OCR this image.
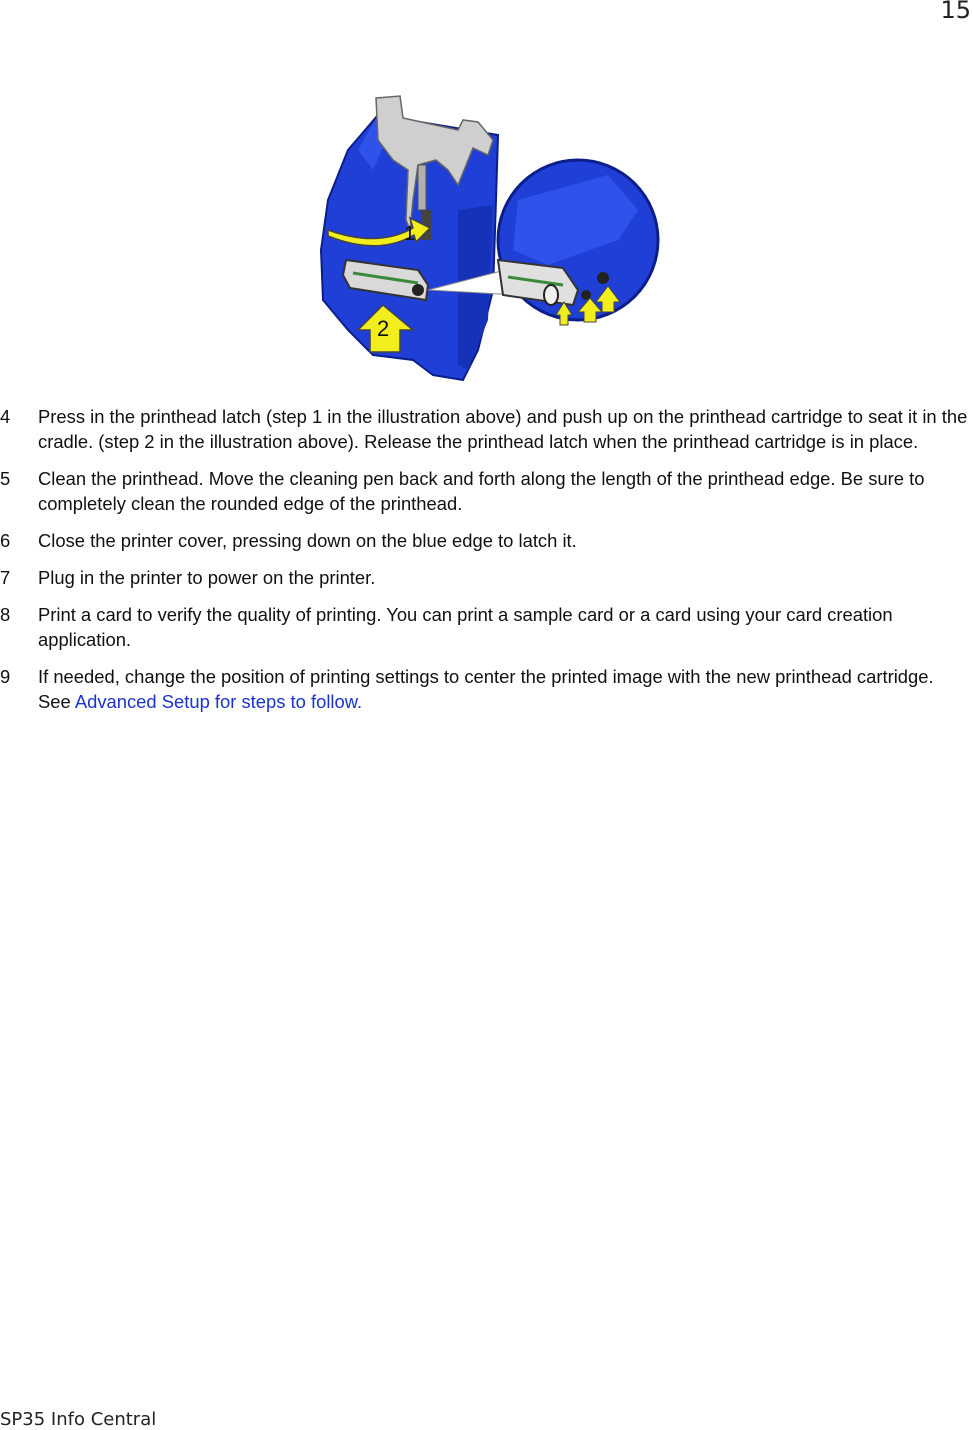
15
1
2
4 Press in the printhead latch (step 1 in the illustration above) and push up on the printhead cartridge to seat it in the cradle. (step 2 in the illustration above). Release the printhead latch when the printhead cartridge is in place.
5 Clean the printhead. Move the cleaning pen back and forth along the length of the printhead edge. Be sure to completely clean the rounded edge of the printhead.
6 Close the printer cover, pressing down on the blue edge to latch it.
7 Plug in the printer to power on the printer.
8 Print a card to verify the quality of printing. You can print a sample card or a card using your card creation application.
9 If needed, change the position of printing settings to center the printed image with the new printhead cartridge. See Advanced Setup for steps to follow.
SP35 Info Central
